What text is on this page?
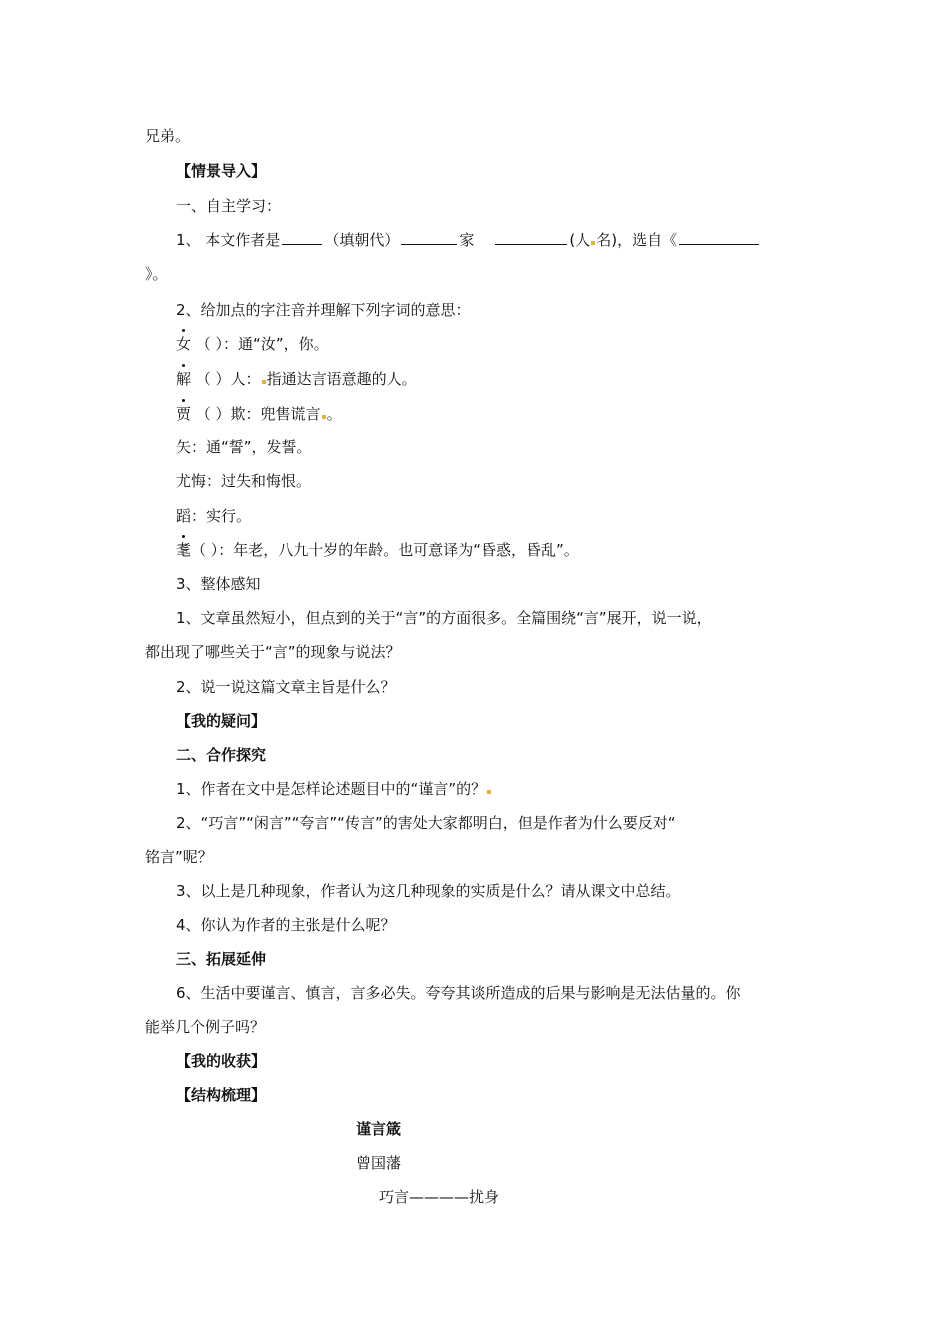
兄弟。
【情景导入】
一、自主学习：
1、 本文作者是	（填朝代）	家	(人 名)，选自《
》。
2、给加点的字注音并理解下列字词的意思：
女 （ ）：通“汝”，你。
解 （ ）人： 指通达言语意趣的人。
贾 （ ）欺：兜售谎言 。
矢：通“誓”，发誓。
尤悔：过失和悔恨。
蹈：实行。
耄（ ）：年老，八九十岁的年龄。也可意译为“昏惑，昏乱”。
3、整体感知
1、文章虽然短小，但点到的关于“言”的方面很多。全篇围绕“言”展开，说一说，
都出现了哪些关于“言”的现象与说法？
2、说一说这篇文章主旨是什么？
【我的疑问】
二、合作探究
1、作者在文中是怎样论述题目中的“谨言”的？
2、“巧言”“闲言”“夸言”“传言”的害处大家都明白，但是作者为什么要反对“
铭言”呢？
3、以上是几种现象，作者认为这几种现象的实质是什么？请从课文中总结。
4、你认为作者的主张是什么呢？
三、拓展延伸
6、生活中要谨言、慎言，言多必失。夸夸其谈所造成的后果与影响是无法估量的。你
能举几个例子吗？
【我的收获】
【结构梳理】
谨言箴
曾国藩
巧言————扰身
